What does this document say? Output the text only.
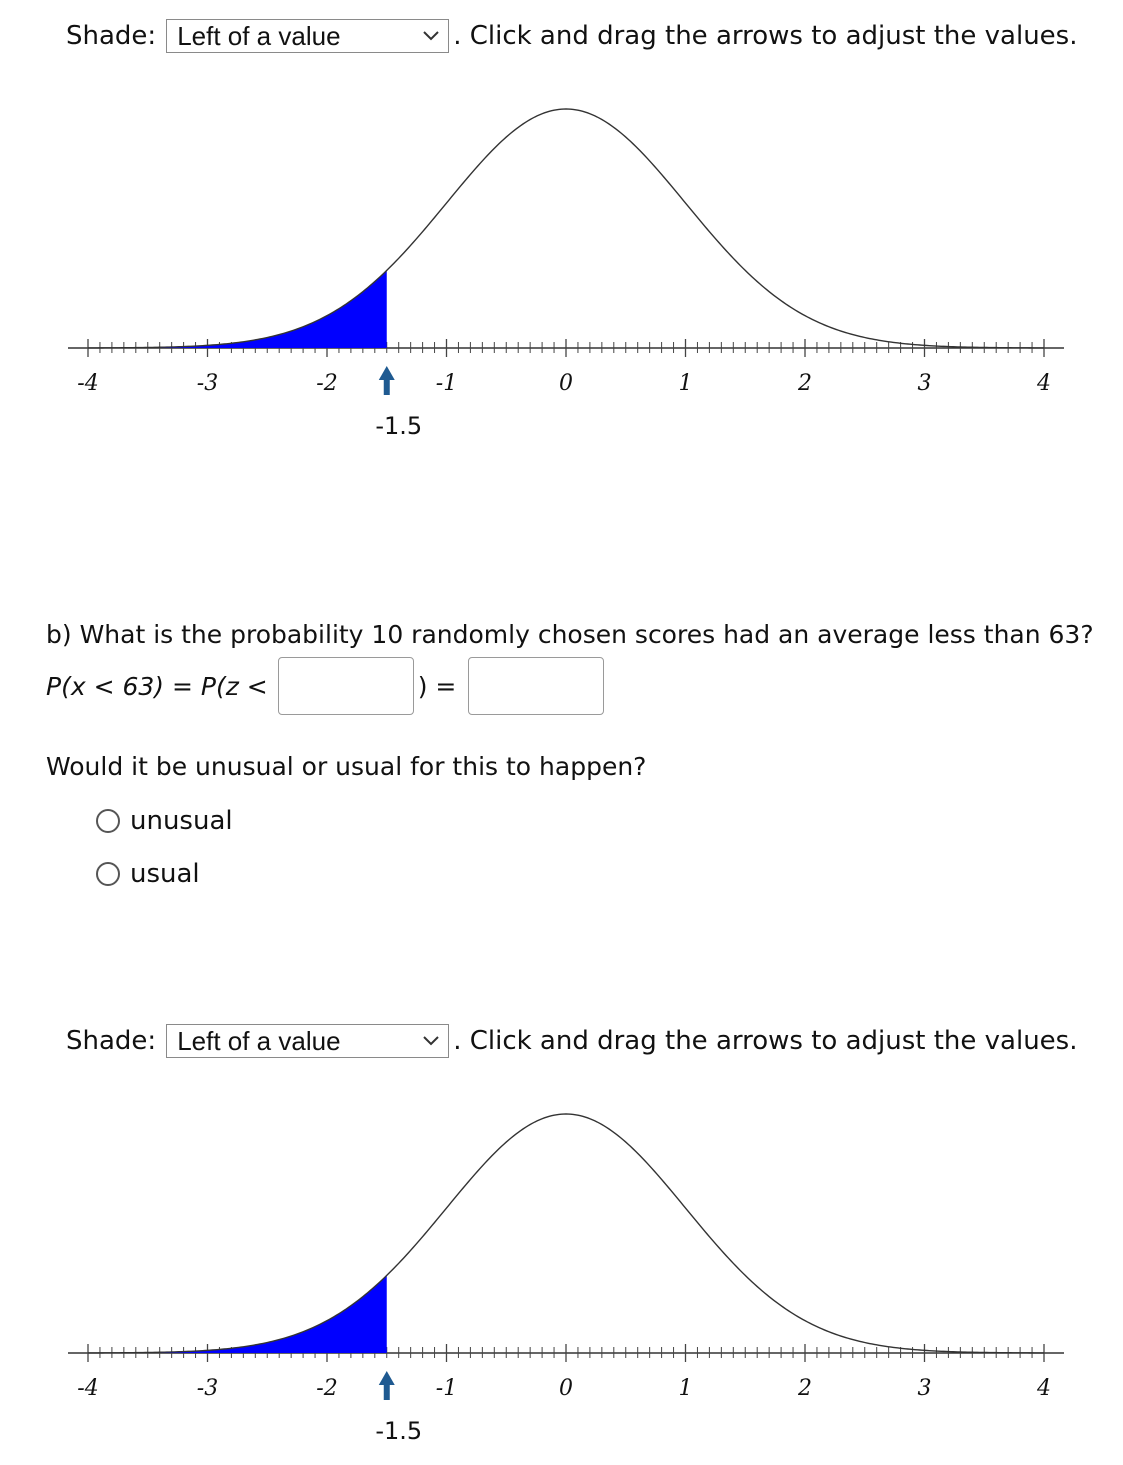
Shade: Left of a value	. Click and drag the arrows to adjust the values.
-4	-3	-2	-1	0	1	2	3	4
-1.5
b) What is the probability 10 randomly chosen scores had an average less than 63?
P(x < 63) = P(z <	) =
Would it be unusual or usual for this to happen?
unusual
usual
Shade: Left of a value	. Click and drag the arrows to adjust the values.
-4	-3	-2	-1	0	1	2	3	4
-1.5
